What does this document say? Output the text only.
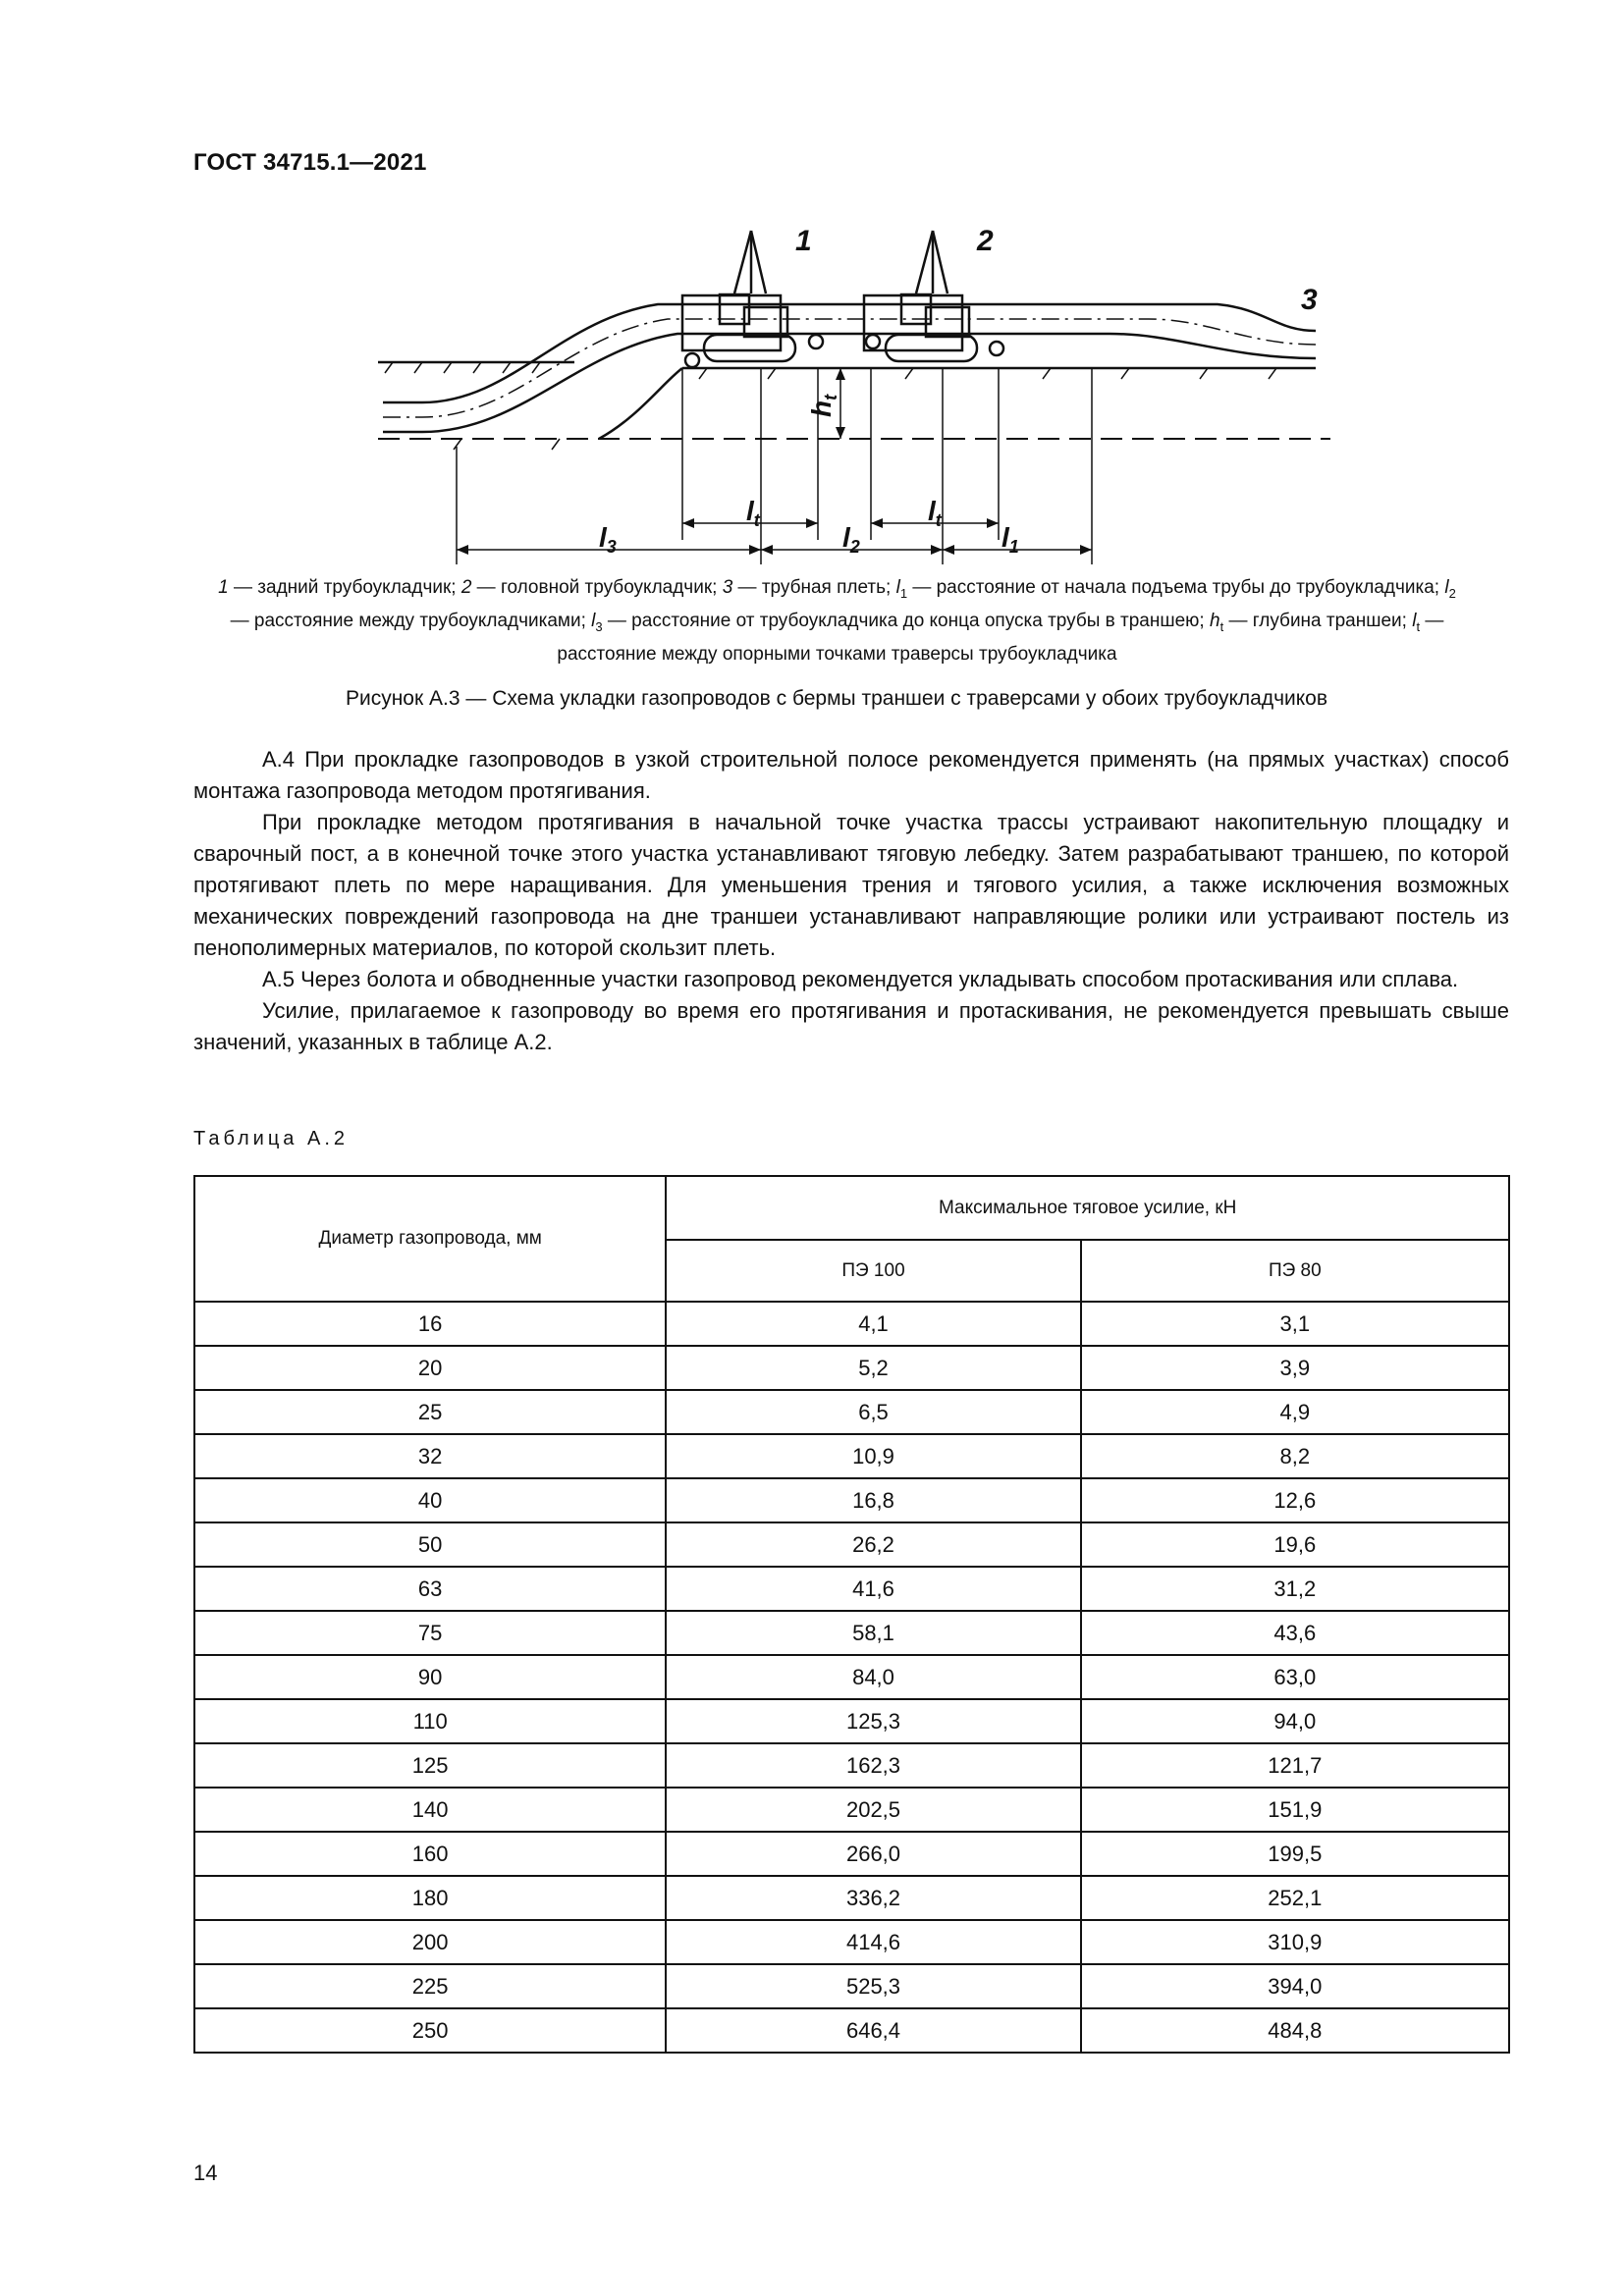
ГОСТ 34715.1—2021
1	2
3
$l_t$	$l_t$
$l_3$	$l_2$	$l_1$
$h_t$
1 — задний трубоукладчик; 2 — головной трубоукладчик; 3 — трубная плеть; $l_1$ — расстояние от начала подъема трубы до трубоукладчика; $l_2$ — расстояние между трубоукладчиками; $l_3$ — расстояние от трубоукладчика до конца опуска трубы в траншею; $h_t$ — глубина траншеи; $l_t$ — расстояние между опорными точками траверсы трубоукладчика
Рисунок А.3 — Схема укладки газопроводов с бермы траншеи с траверсами у обоих трубоукладчиков

А.4 При прокладке газопроводов в узкой строительной полосе рекомендуется применять (на прямых участках) способ монтажа газопровода методом протягивания.

При прокладке методом протягивания в начальной точке участка трассы устраивают накопительную площадку и сварочный пост, а в конечной точке этого участка устанавливают тяговую лебедку. Затем разрабатывают траншею, по которой протягивают плеть по мере наращивания. Для уменьшения трения и тягового усилия, а также исключения возможных механических повреждений газопровода на дне траншеи устанавливают направляющие ролики или устраивают постель из пенополимерных материалов, по которой скользит плеть.

А.5 Через болота и обводненные участки газопровод рекомендуется укладывать способом протаскивания или сплава.

Усилие, прилагаемое к газопроводу во время его протягивания и протаскивания, не рекомендуется превышать свыше значений, указанных в таблице А.2.

Таблица А.2
Диаметр газопровода, мм	Максимальное тяговое усилие, кН	
	ПЭ 100	ПЭ 80
16	4,1	3,1
20	5,2	3,9
25	6,5	4,9
32	10,9	8,2
40	16,8	12,6
50	26,2	19,6
63	41,6	31,2
75	58,1	43,6
90	84,0	63,0
110	125,3	94,0
125	162,3	121,7
140	202,5	151,9
160	266,0	199,5
180	336,2	252,1
200	414,6	310,9
225	525,3	394,0
250	646,4	484,8
14
